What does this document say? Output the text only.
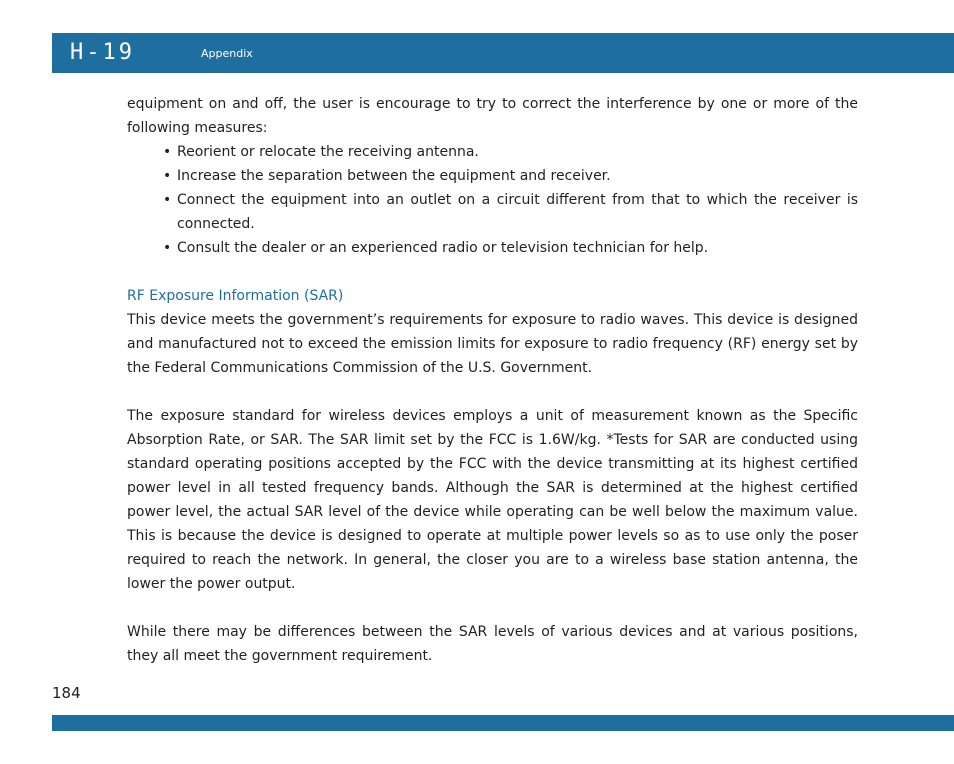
H-19	Appendix

equipment on and off, the user is encourage to try to correct the interference by one or more of the following measures:

• Reorient or relocate the receiving antenna.
• Increase the separation between the equipment and receiver.
• Connect the equipment into an outlet on a circuit different from that to which the receiver is connected.
• Consult the dealer or an experienced radio or television technician for help.
RF Exposure Information (SAR)

This device meets the government’s requirements for exposure to radio waves. This device is designed and manufactured not to exceed the emission limits for exposure to radio frequency (RF) energy set by the Federal Communications Commission of the U.S. Government.

The exposure standard for wireless devices employs a unit of measurement known as the Specific Absorption Rate, or SAR. The SAR limit set by the FCC is 1.6W/kg. *Tests for SAR are conducted using standard operating positions accepted by the FCC with the device transmitting at its highest certified power level in all tested frequency bands. Although the SAR is determined at the highest certified power level, the actual SAR level of the device while operating can be well below the maximum value. This is because the device is designed to operate at multiple power levels so as to use only the poser required to reach the network. In general, the closer you are to a wireless base station antenna, the lower the power output.

While there may be differences between the SAR levels of various devices and at various positions, they all meet the government requirement.

184
